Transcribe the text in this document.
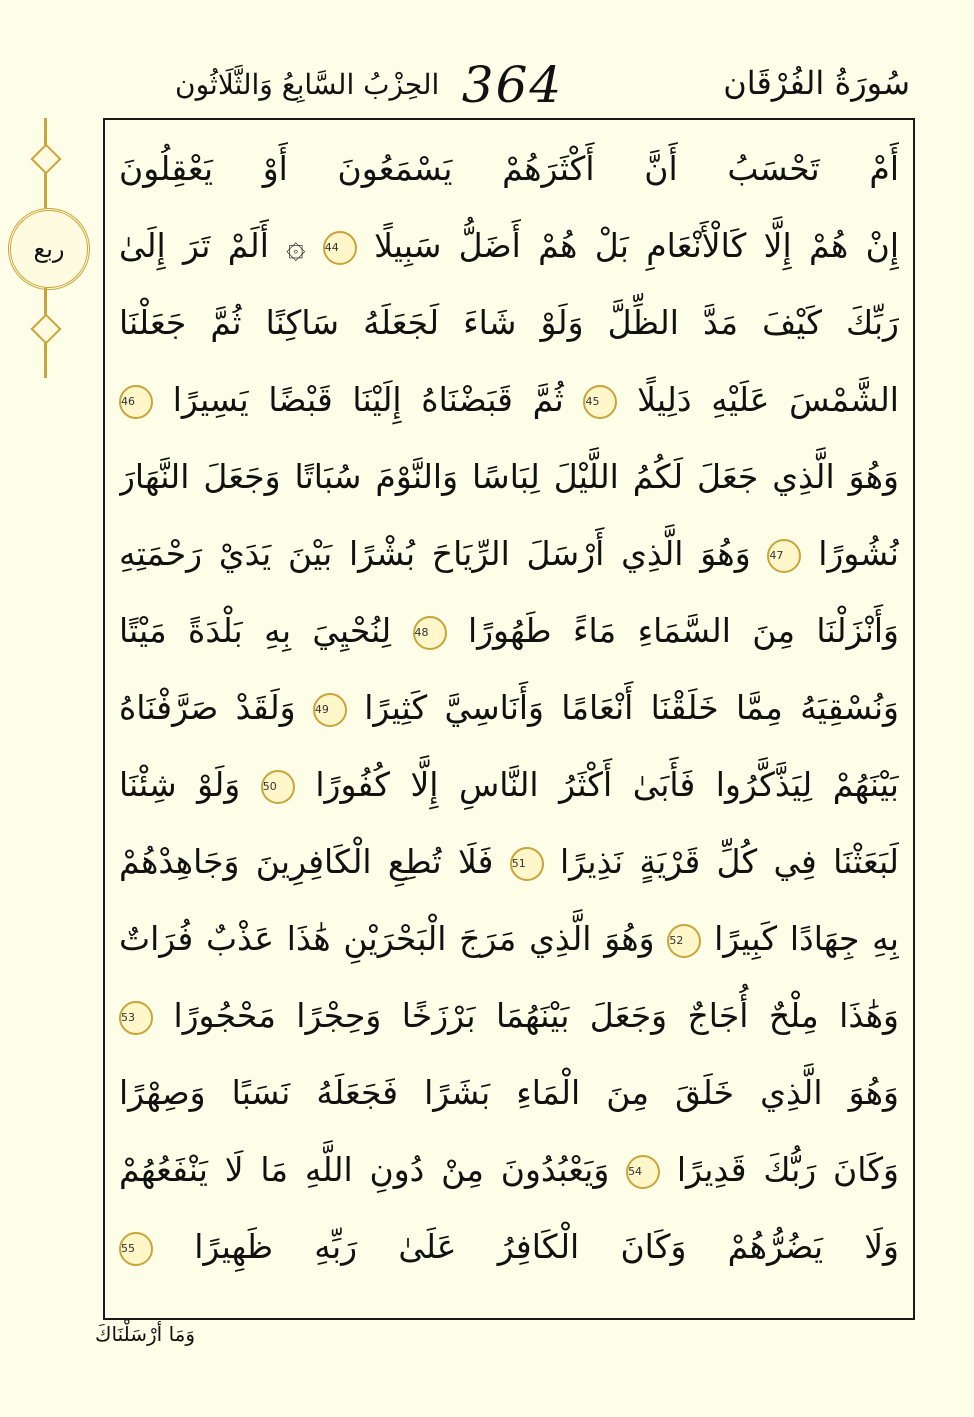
سُورَةُ الفُرْقَان
364
الحِزْبُ السَّابِعُ وَالثَّلَاثُون
ربع
أَمْ تَحْسَبُ أَنَّ أَكْثَرَهُمْ يَسْمَعُونَ أَوْ يَعْقِلُونَ
إِنْ هُمْ إِلَّا كَالْأَنْعَامِ بَلْ هُمْ أَضَلُّ سَبِيلًا 44 ۞ أَلَمْ تَرَ إِلَىٰ
رَبِّكَ كَيْفَ مَدَّ الظِّلَّ وَلَوْ شَاءَ لَجَعَلَهُ سَاكِنًا ثُمَّ جَعَلْنَا
الشَّمْسَ عَلَيْهِ دَلِيلًا 45 ثُمَّ قَبَضْنَاهُ إِلَيْنَا قَبْضًا يَسِيرًا 46
وَهُوَ الَّذِي جَعَلَ لَكُمُ اللَّيْلَ لِبَاسًا وَالنَّوْمَ سُبَاتًا وَجَعَلَ النَّهَارَ
نُشُورًا 47 وَهُوَ الَّذِي أَرْسَلَ الرِّيَاحَ بُشْرًا بَيْنَ يَدَيْ رَحْمَتِهِ
وَأَنْزَلْنَا مِنَ السَّمَاءِ مَاءً طَهُورًا 48 لِنُحْيِيَ بِهِ بَلْدَةً مَيْتًا
وَنُسْقِيَهُ مِمَّا خَلَقْنَا أَنْعَامًا وَأَنَاسِيَّ كَثِيرًا 49 وَلَقَدْ صَرَّفْنَاهُ
بَيْنَهُمْ لِيَذَّكَّرُوا فَأَبَىٰ أَكْثَرُ النَّاسِ إِلَّا كُفُورًا 50 وَلَوْ شِئْنَا
لَبَعَثْنَا فِي كُلِّ قَرْيَةٍ نَذِيرًا 51 فَلَا تُطِعِ الْكَافِرِينَ وَجَاهِدْهُمْ
بِهِ جِهَادًا كَبِيرًا 52 وَهُوَ الَّذِي مَرَجَ الْبَحْرَيْنِ هَٰذَا عَذْبٌ فُرَاتٌ
وَهَٰذَا مِلْحٌ أُجَاجٌ وَجَعَلَ بَيْنَهُمَا بَرْزَخًا وَحِجْرًا مَحْجُورًا 53
وَهُوَ الَّذِي خَلَقَ مِنَ الْمَاءِ بَشَرًا فَجَعَلَهُ نَسَبًا وَصِهْرًا
وَكَانَ رَبُّكَ قَدِيرًا 54 وَيَعْبُدُونَ مِنْ دُونِ اللَّهِ مَا لَا يَنْفَعُهُمْ
وَلَا يَضُرُّهُمْ وَكَانَ الْكَافِرُ عَلَىٰ رَبِّهِ ظَهِيرًا 55
وَمَا أَرْسَلْنَاكَ
